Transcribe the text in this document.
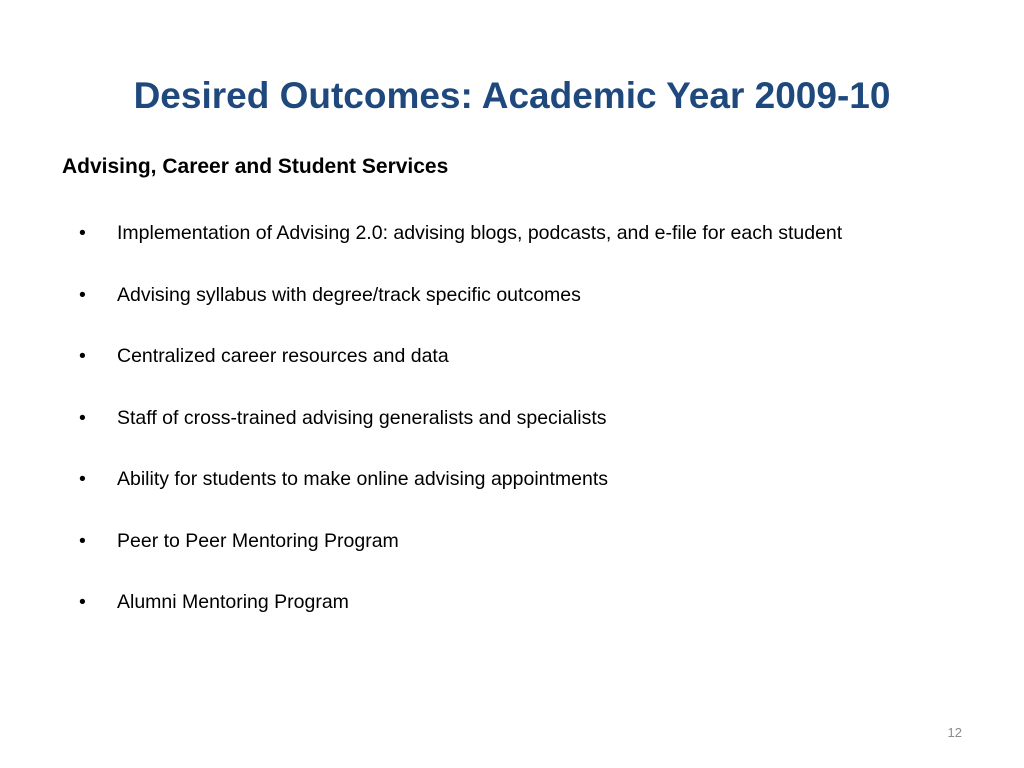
Desired Outcomes: Academic Year 2009-10
Advising, Career and Student Services
• Implementation of Advising 2.0: advising blogs, podcasts, and e-file for each student
• Advising syllabus with degree/track specific outcomes
• Centralized career resources and data
• Staff of cross-trained advising generalists and specialists
• Ability for students to make online advising appointments
• Peer to Peer Mentoring Program
• Alumni Mentoring Program
12
